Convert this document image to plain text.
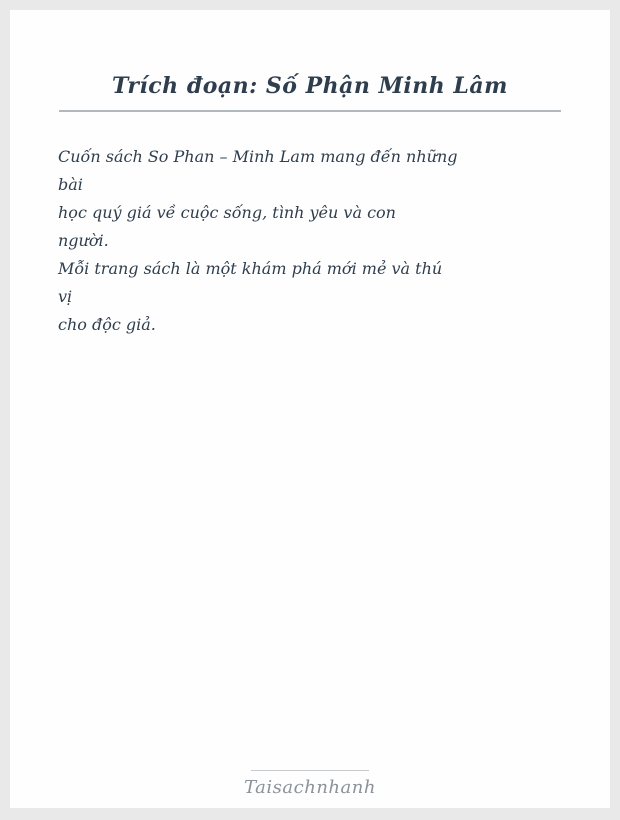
Trích đoạn: Số Phận Minh Lâm
Cuốn sách So Phan – Minh Lam mang đến những
bài
học quý giá về cuộc sống, tình yêu và con
người.
Mỗi trang sách là một khám phá mới mẻ và thú
vị
cho độc giả.
Taisachnhanh
